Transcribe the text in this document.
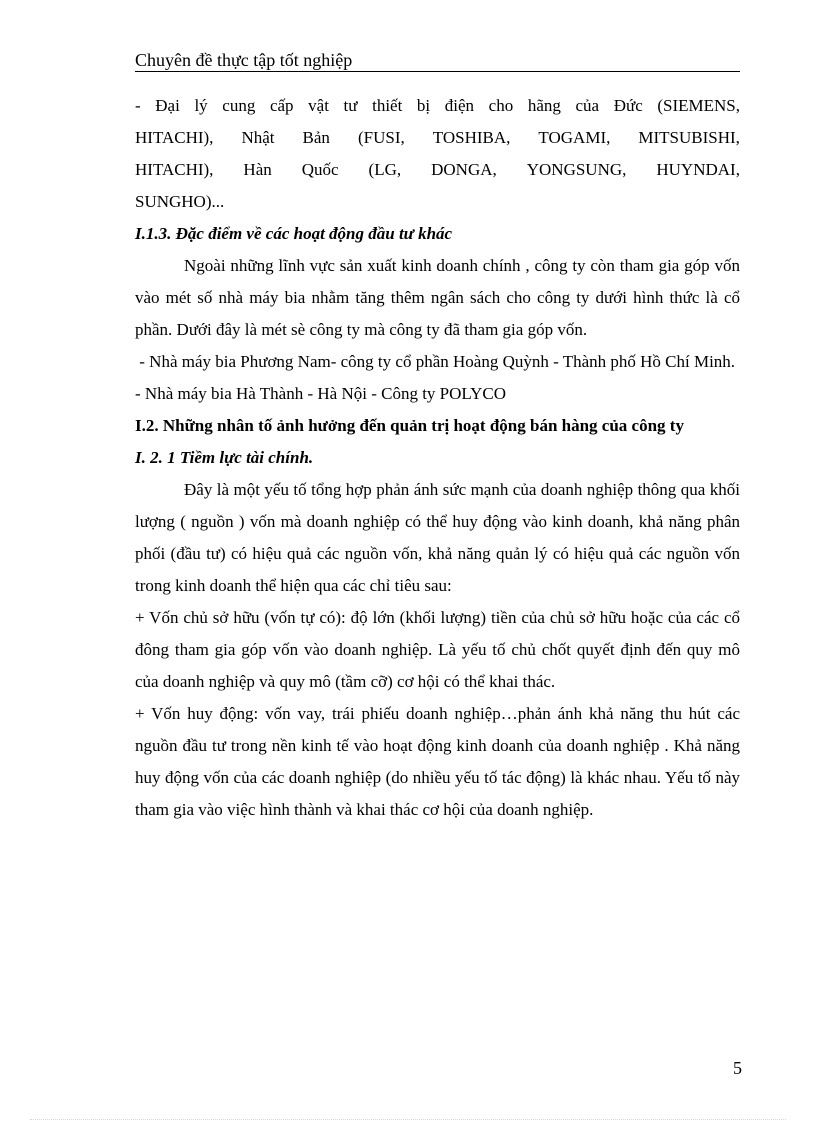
Chuyên đề thực tập tốt nghiệp

- Đại lý cung cấp vật tư thiết bị điện cho hãng của Đức (SIEMENS,

HITACHI), Nhật Bản (FUSI, TOSHIBA, TOGAMI, MITSUBISHI,
HITACHI), Hàn Quốc (LG, DONGA, YONGSUNG, HUYNDAI,

SUNGHO)...

I.1.3. Đặc điểm về các hoạt động đầu tư khác

Ngoài những lĩnh vực sản xuất kinh doanh chính , công ty còn tham gia góp vốn vào mét số nhà máy bia nhằm tăng thêm ngân sách cho công ty dưới hình thức là cổ phần. Dưới đây là mét sè công ty mà công ty đã tham gia góp vốn.

- Nhà máy bia Phương Nam- công ty cổ phần Hoàng Quỳnh - Thành phố Hồ Chí Minh.

- Nhà máy bia Hà Thành - Hà Nội - Công ty POLYCO

I.2. Những nhân tố ảnh hưởng đến quản trị hoạt động bán hàng của công ty

I. 2. 1 Tiềm lực tài chính.

Đây là một yếu tố tổng hợp phản ánh sức mạnh của doanh nghiệp thông qua khối lượng ( nguồn ) vốn mà doanh nghiệp có thể huy động vào kinh doanh, khả năng phân phối (đầu tư) có hiệu quả các nguồn vốn, khả năng quản lý có hiệu quả các nguồn vốn trong kinh doanh thể hiện qua các chỉ tiêu sau:

+ Vốn chủ sở hữu (vốn tự có): độ lớn (khối lượng) tiền của chủ sở hữu hoặc của các cổ đông tham gia góp vốn vào doanh nghiệp. Là yếu tố chủ chốt quyết định đến quy mô của doanh nghiệp và quy mô (tầm cỡ) cơ hội có thể khai thác.

+ Vốn huy động: vốn vay, trái phiếu doanh nghiệp…phản ánh khả năng thu hút các nguồn đầu tư trong nền kinh tế vào hoạt động kinh doanh của doanh nghiệp . Khả năng huy động vốn của các doanh nghiệp (do nhiều yếu tố tác động) là khác nhau. Yếu tố này tham gia vào việc hình thành và khai thác cơ hội của doanh nghiệp.

5
